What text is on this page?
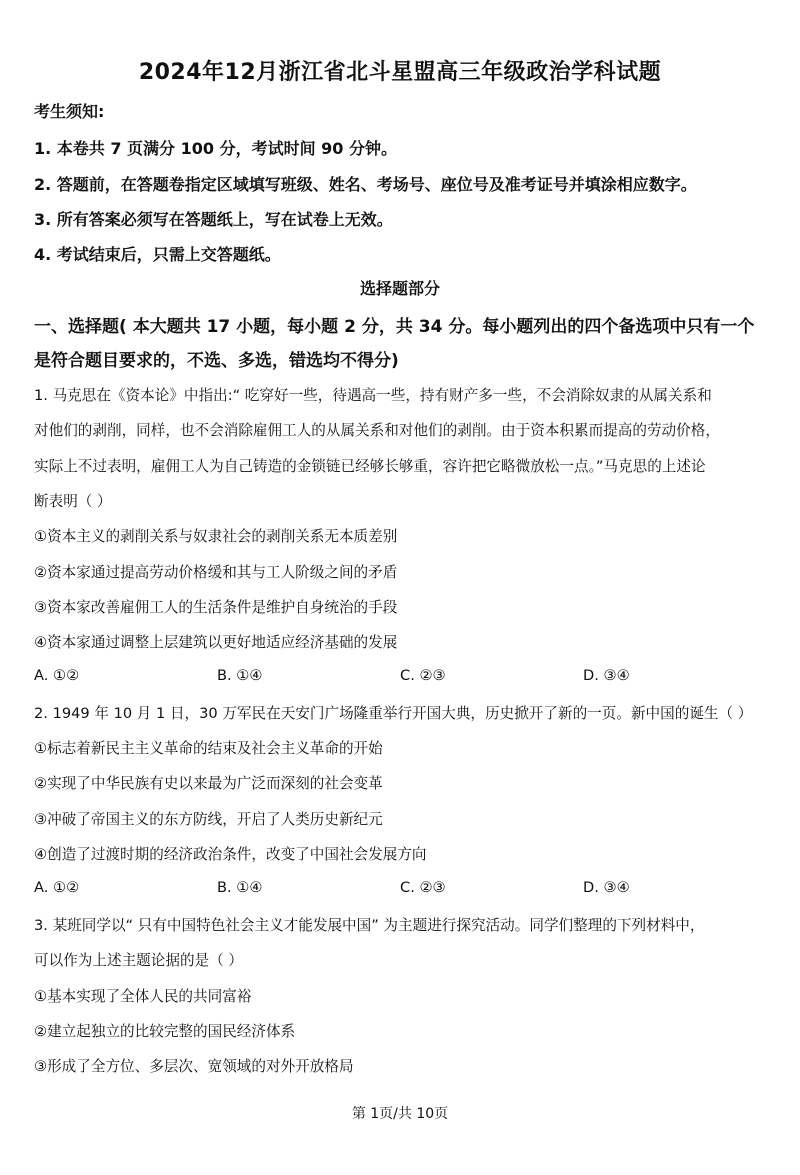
2024年12月浙江省北斗星盟高三年级政治学科试题
考生须知:
1. 本卷共 7 页满分 100 分，考试时间 90 分钟。
2. 答题前，在答题卷指定区域填写班级、姓名、考场号、座位号及准考证号并填涂相应数字。
3. 所有答案必须写在答题纸上，写在试卷上无效。
4. 考试结束后，只需上交答题纸。
选择题部分
一、选择题( 本大题共 17 小题，每小题 2 分，共 34 分。每小题列出的四个备选项中只有一个
是符合题目要求的，不选、多选，错选均不得分)
1. 马克思在《资本论》中指出:“ 吃穿好一些，待遇高一些，持有财产多一些，不会消除奴隶的从属关系和
对他们的剥削，同样，也不会消除雇佣工人的从属关系和对他们的剥削。由于资本积累而提高的劳动价格，
实际上不过表明，雇佣工人为自己铸造的金锁链已经够长够重，容许把它略微放松一点。”马克思的上述论
断表明（ ）
①资本主义的剥削关系与奴隶社会的剥削关系无本质差别
②资本家通过提高劳动价格缓和其与工人阶级之间的矛盾
③资本家改善雇佣工人的生活条件是维护自身统治的手段
④资本家通过调整上层建筑以更好地适应经济基础的发展
A. ①②	B. ①④	C. ②③	D. ③④
2. 1949 年 10 月 1 日，30 万军民在天安门广场隆重举行开国大典，历史掀开了新的一页。新中国的诞生（ ）
①标志着新民主主义革命的结束及社会主义革命的开始
②实现了中华民族有史以来最为广泛而深刻的社会变革
③冲破了帝国主义的东方防线，开启了人类历史新纪元
④创造了过渡时期的经济政治条件，改变了中国社会发展方向
A. ①②	B. ①④	C. ②③	D. ③④
3. 某班同学以“ 只有中国特色社会主义才能发展中国” 为主题进行探究活动。同学们整理的下列材料中，
可以作为上述主题论据的是（ ）
①基本实现了全体人民的共同富裕
②建立起独立的比较完整的国民经济体系
③形成了全方位、多层次、宽领域的对外开放格局
第 1页/共 10页
